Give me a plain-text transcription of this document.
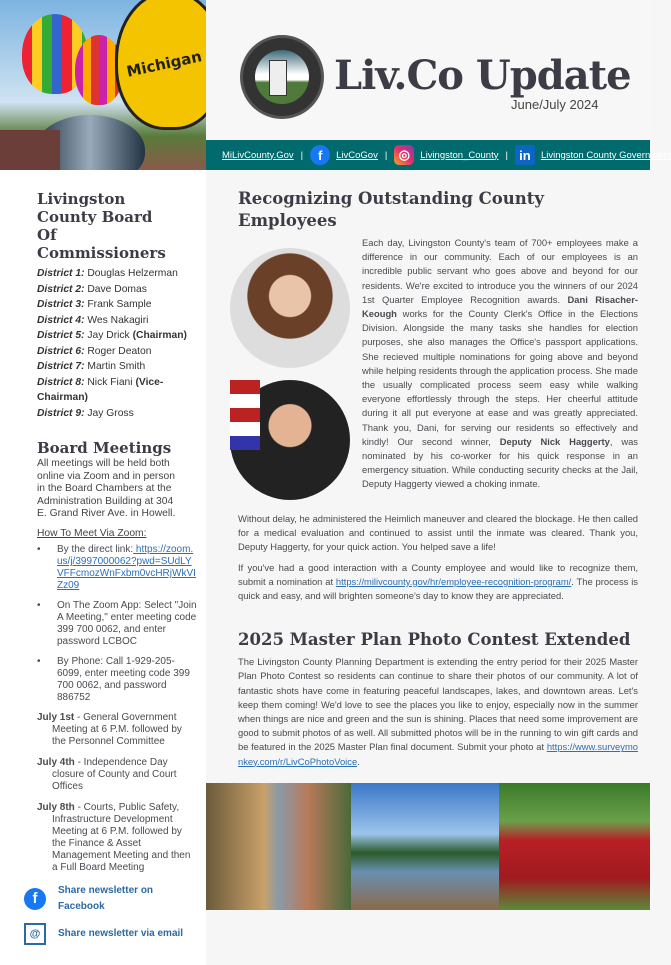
Michigan	Liv.Co Update
June/July 2024
MiLivCounty.Gov |	f	LivCoGov | ◎	Livingston_County | in	Livingston County Government
Livingston County Board Of Commissioners
District 1: Douglas Helzerman
District 2: Dave Domas
District 3: Frank Sample
District 4: Wes Nakagiri
District 5: Jay Drick (Chairman)
District 6: Roger Deaton
District 7: Martin Smith
District 8: Nick Fiani (Vice-Chairman)
District 9: Jay Gross
Board Meetings

All meetings will be held both online via Zoom and in person in the Board Chambers at the Administration Building at 304 E. Grand River Ave. in Howell.

How To Meet Via Zoom:

• By the direct link: https://zoom.us/j/3997000062?pwd=SUdLYVFFcmozWnFxbm0vcHRjWkVIZz09
• On The Zoom App: Select "Join A Meeting," enter meeting code 399 700 0062, and enter password LCBOC
• By Phone: Call 1-929-205-6099, enter meeting code 399 700 0062, and password 886752
July 1st - General Government Meeting at 6 P.M. followed by the Personnel Committee
July 4th - Independence Day closure of County and Court Offices
July 8th - Courts, Public Safety, Infrastructure Development Meeting at 6 P.M. followed by the Finance & Asset Management Meeting and then a Full Board Meeting
f	Share newsletter on Facebook
@	Share newsletter via email
Recognizing Outstanding County Employees

Each day, Livingston County's team of 700+ employees make a difference in our community. Each of our employees is an incredible public servant who goes above and beyond for our residents. We're excited to introduce you the winners of our 2024 1st Quarter Employee Recognition awards. Dani Risacher-Keough works for the County Clerk's Office in the Elections Division. Alongside the many tasks she handles for election purposes, she also manages the Office's passport applications. She recieved multiple nominations for going above and beyond while helping residents through the application process. She made the usually complicated process seem easy while walking everyone effortlessly through the steps. Her cheerful attitude during it all put everyone at ease and was greatly appreciated. Thank you, Dani, for serving our residents so effectively and kindly! Our second winner, Deputy Nick Haggerty, was nominated by his co-worker for his quick response in an emergency situation. While conducting security checks at the Jail, Deputy Haggerty viewed a choking inmate.

Without delay, he administered the Heimlich maneuver and cleared the blockage. He then called for a medical evaluation and continued to assist until the inmate was cleared. Thank you, Deputy Haggerty, for your quick action. You helped save a life!

If you've had a good interaction with a County employee and would like to recognize them, submit a nomination at https://milivcounty.gov/hr/employee-recognition-program/. The process is quick and easy, and will brighten someone's day to know they are appreciated.

2025 Master Plan Photo Contest Extended

The Livingston County Planning Department is extending the entry period for their 2025 Master Plan Photo Contest so residents can continue to share their photos of our community. A lot of fantastic shots have come in featuring peaceful landscapes, lakes, and downtown areas. Let's keep them coming! We'd love to see the places you like to enjoy, especially now in the summer when things are nice and green and the sun is shining. Places that need some improvement are good to submit photos of as well. All submitted photos will be in the running to win gift cards and be featured in the 2025 Master Plan final document. Submit your photo at https://www.surveymonkey.com/r/LivCoPhotoVoice.
